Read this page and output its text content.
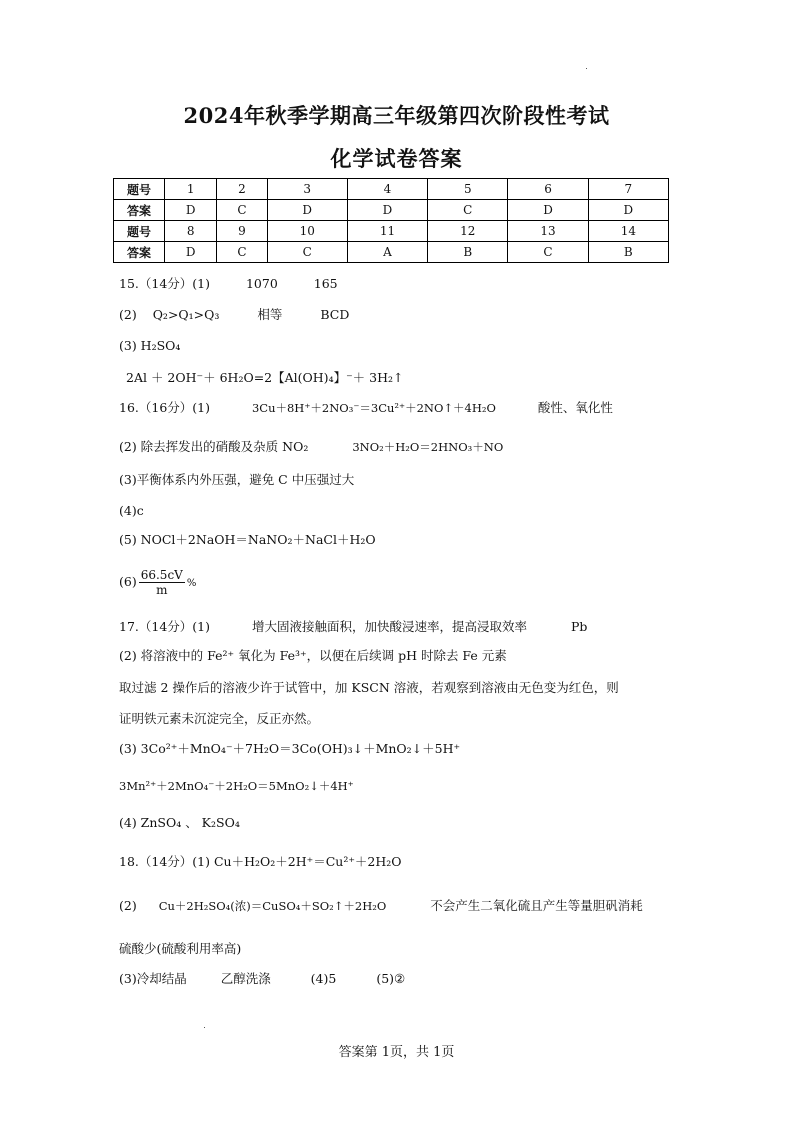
2024年秋季学期高三年级第四次阶段性考试
化学试卷答案
题号	1	2	3	4	5	6	7
答案	D	C	D	D	C	D	D
题号	8	9	10	11	12	13	14
答案	D	C	C	A	B	C	B
15.（14分）(1)	1070	165
(2) Q₂>Q₁>Q₃	相等	BCD
(3) H₂SO₄
2Al ＋ 2OH⁻＋ 6H₂O=2【Al(OH)₄】⁻＋ 3H₂↑
16.（16分）(1)	3Cu＋8H⁺＋2NO₃⁻＝3Cu²⁺＋2NO↑＋4H₂O	酸性、氧化性
(2) 除去挥发出的硝酸及杂质 NO₂	3NO₂＋H₂O＝2HNO₃＋NO
(3)平衡体系内外压强，避免 C 中压强过大
(4)c
(5) NOCl＋2NaOH＝NaNO₂＋NaCl＋H₂O
$(6) \frac{66.5cV}{m}$ %
17.（14分）(1)	增大固液接触面积，加快酸浸速率，提高浸取效率	Pb
(2) 将溶液中的 Fe²⁺ 氧化为 Fe³⁺，以便在后续调 pH 时除去 Fe 元素
取过滤 2 操作后的溶液少许于试管中，加 KSCN 溶液，若观察到溶液由无色变为红色，则
证明铁元素未沉淀完全，反正亦然。
(3) 3Co²⁺＋MnO₄⁻＋7H₂O＝3Co(OH)₃↓＋MnO₂↓＋5H⁺
3Mn²⁺＋2MnO₄⁻＋2H₂O＝5MnO₂↓＋4H⁺
(4) ZnSO₄ 、 K₂SO₄
18.（14分）(1) Cu＋H₂O₂＋2H⁺＝Cu²⁺＋2H₂O
(2) Cu＋2H₂SO₄(浓)＝CuSO₄＋SO₂↑＋2H₂O	不会产生二氧化硫且产生等量胆矾消耗
硫酸少(硫酸利用率高)
(3)冷却结晶	乙醇洗涤	(4)5	(5)②
答案第 1页，共 1页
